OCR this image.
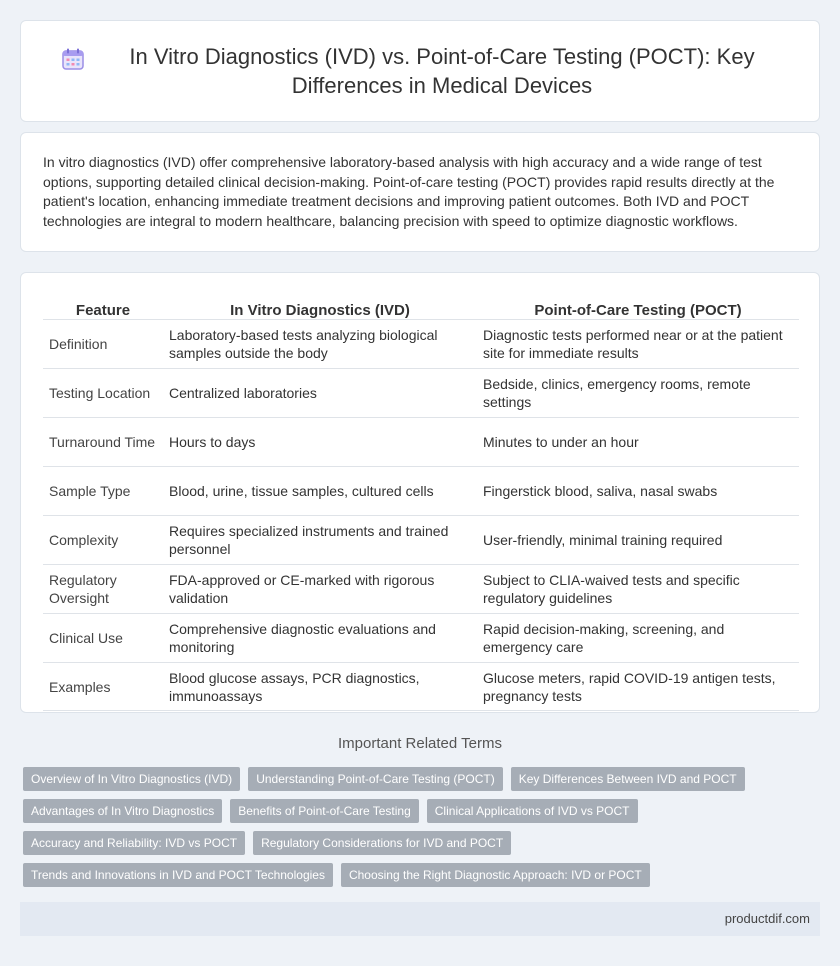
In Vitro Diagnostics (IVD) vs. Point-of-Care Testing (POCT): Key Differences in Medical Devices

In vitro diagnostics (IVD) offer comprehensive laboratory-based analysis with high accuracy and a wide range of test options, supporting detailed clinical decision-making. Point-of-care testing (POCT) provides rapid results directly at the patient's location, enhancing immediate treatment decisions and improving patient outcomes. Both IVD and POCT technologies are integral to modern healthcare, balancing precision with speed to optimize diagnostic workflows.

Feature	In Vitro Diagnostics (IVD)	Point-of-Care Testing (POCT)
Definition	Laboratory-based tests analyzing biological samples outside the body	Diagnostic tests performed near or at the patient site for immediate results
Testing Location	Centralized laboratories	Bedside, clinics, emergency rooms, remote settings
Turnaround Time	Hours to days	Minutes to under an hour
Sample Type	Blood, urine, tissue samples, cultured cells	Fingerstick blood, saliva, nasal swabs
Complexity	Requires specialized instruments and trained personnel	User-friendly, minimal training required
Regulatory Oversight	FDA-approved or CE-marked with rigorous validation	Subject to CLIA-waived tests and specific regulatory guidelines
Clinical Use	Comprehensive diagnostic evaluations and monitoring	Rapid decision-making, screening, and emergency care
Examples	Blood glucose assays, PCR diagnostics, immunoassays	Glucose meters, rapid COVID-19 antigen tests, pregnancy tests
Important Related Terms
Overview of In Vitro Diagnostics (IVD)	Understanding Point-of-Care Testing (POCT)	Key Differences Between IVD and POCT
Advantages of In Vitro Diagnostics	Benefits of Point-of-Care Testing	Clinical Applications of IVD vs POCT
Accuracy and Reliability: IVD vs POCT	Regulatory Considerations for IVD and POCT
Trends and Innovations in IVD and POCT Technologies	Choosing the Right Diagnostic Approach: IVD or POCT
productdif.com
